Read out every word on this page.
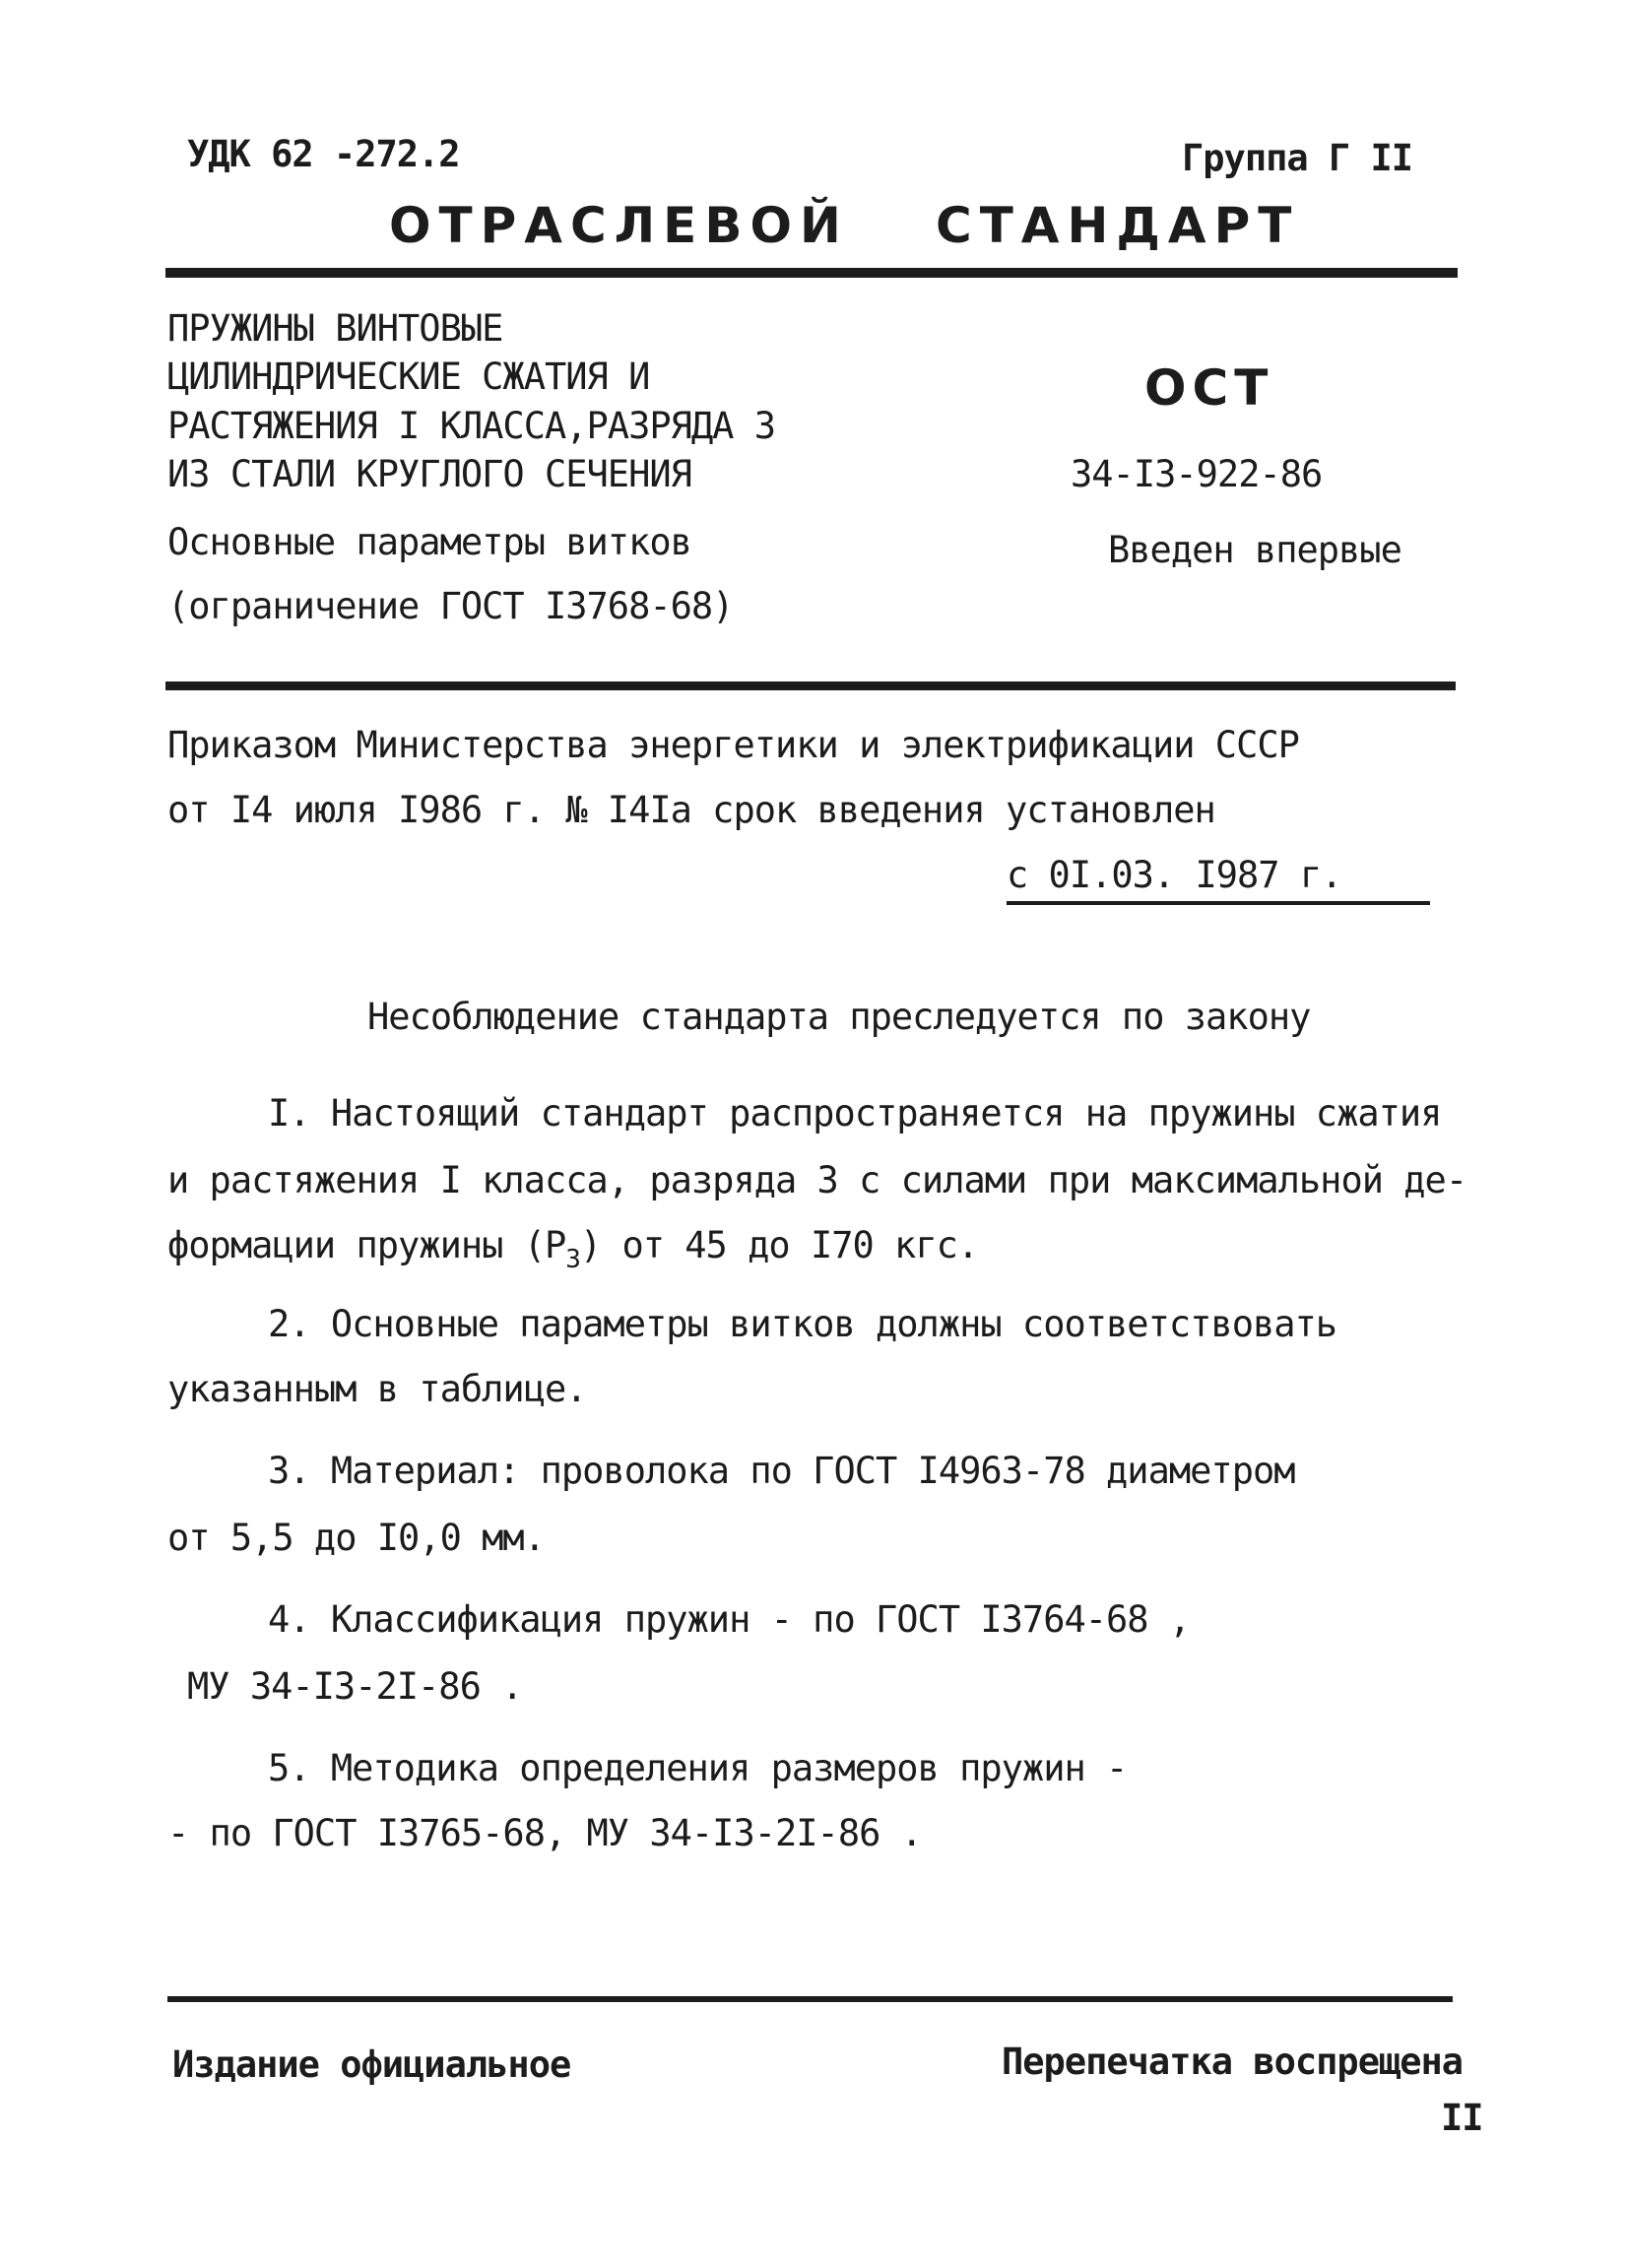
УДК 62 -272.2	Группа Г II
ОТРАСЛЕВОЙ СТАНДАРТ
ПРУЖИНЫ ВИНТОВЫЕ
ЦИЛИНДРИЧЕСКИЕ СЖАТИЯ И
РАСТЯЖЕНИЯ I КЛАССА,РАЗРЯДА 3
ИЗ СТАЛИ КРУГЛОГО СЕЧЕНИЯ
Основные параметры витков
(ограничение ГОСТ I3768-68)
ОСТ
34-I3-922-86
Введен впервые
Приказом Министерства энергетики и электрификации СССР
от I4 июля I986 г. № I4Iа срок введения установлен
с 0I.03. I987 г.
Несоблюдение стандарта преследуется по закону
I. Настоящий стандарт распространяется на пружины сжатия
и растяжения I класса, разряда 3 с силами при максимальной де-
формации пружины $(P_3)$ от 45 до I70 кгс.
2. Основные параметры витков должны соответствовать
указанным в таблице.
3. Материал: проволока по ГОСТ I4963-78 диаметром
от 5,5 до I0,0 мм.
4. Классификация пружин - по ГОСТ I3764-68 ,
МУ 34-I3-2I-86 .
5. Методика определения размеров пружин -
- по ГОСТ I3765-68, МУ 34-I3-2I-86 .
Издание официальное	Перепечатка воспрещена
II
